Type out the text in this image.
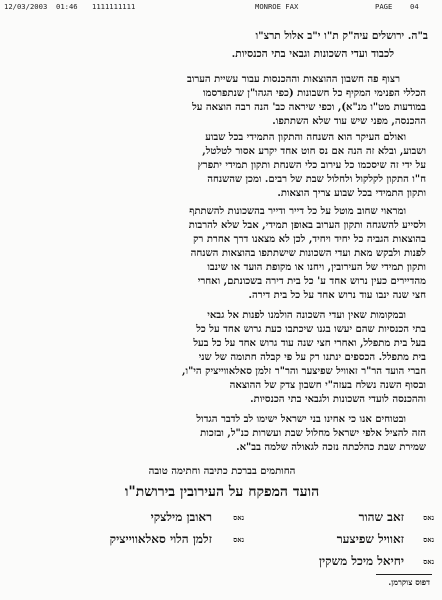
12/03/2003 01:46 1111111111	MONROE FAX	PAGE 04
ב"ה. ירושלים עיה"ק ת"ו י"ב אלול תרצ"ו
לכבוד ועדי השכונות וגבאי בתי הכנסיות.
רצוף פה חשבון ההוצאות וההכנסות עבור עשיית הערוב
הכללי הפנימי המקיף כל חשבונות (כפי הגהו"ן שנתפרסמו
במודעות מט"ו מנ"א), וכפי שיראה כב' הנה רבה הוצאה על
ההכנסה, מפני שיש עוד שלא השתתפו.
ואולם העיקר הוא השנחה והתקון התמידי בכל שבוע
ושבוע, ובלא זה הנה אם נס חוט אחד יקרע אסור לטלטל,
על ידי זה שיסכמו כל עירוב כלי השנחת ותקון תמידי יתפרץ
ח"ו התקון לקלקול ולחלול שבת של רבים. ומכן שהשנחה
ותקון התמידי בכל שבוע צריך הוצאות.
ומראוי שחוב מוטל על כל דייר ודייר בהשכונות להשתתף
ולסייע להשגחה ותקון הערוב באופן תמידי, אבל שלא להרבות
בהוצאות הגביה כל יחיד ויחיד, לכן לא מצאנו דרך אחרת רק
לפנות ולבקש מאת ועדי השכונות שישתתפו בהוצאות השנחה
ותקון תמידי של העירובין, ויחנו או מקופת הועד או שינבו
מהדיירים כעין נרוש אחד ע' כל בית דירה בשכונתם, ואחרי
חצי שנה ינבו עוד נרוש אחד על כל בית דירה.
ובמקומות שאין ועדי השכונה הולמנו לפנות אל גבאי
בתי הכנסיות שהם יעשו בגנו שיכתבו כעת גרוש אחד על כל
בעל בית מתפלל, ואחרי חצי שנה עוד גרוש אחד על כל בעל
בית מתפלל. הכספים ינתנו רק על פי קבלה חתומה של שני
חברי הועד הר"ר זאוויל שפיצער והר"ר זלמן סאלאווייציק הי"ו,
ובסוף השנה נשלח בעזה"י חשבון צדק של ההוצאה
וההכנסה לועדי השכונות ולגבאי בתי הכנסיות.
ובטוחים אנו כי אחינו בני ישראל ישימו לב לדבר הגדול
הזה להציל אלפי ישראל מחלול שבת ועשרות כנ"ל, ובזכות
שמירת שבת כהלכתה נזכה לגאולה שלמה בב"א.
החותמים בברכת כתיבה וחתימה טובה
הועד המפקח על העירובין בירושת"ו
נאס
זאב שהור
נאס
ראובן מילצקי
נאס
זאוויל שפיצער
נאס
זלמן הלוי סאלאווייציק
נאס
יחיאל מיכל משקין
דפוס צוקרמן.
